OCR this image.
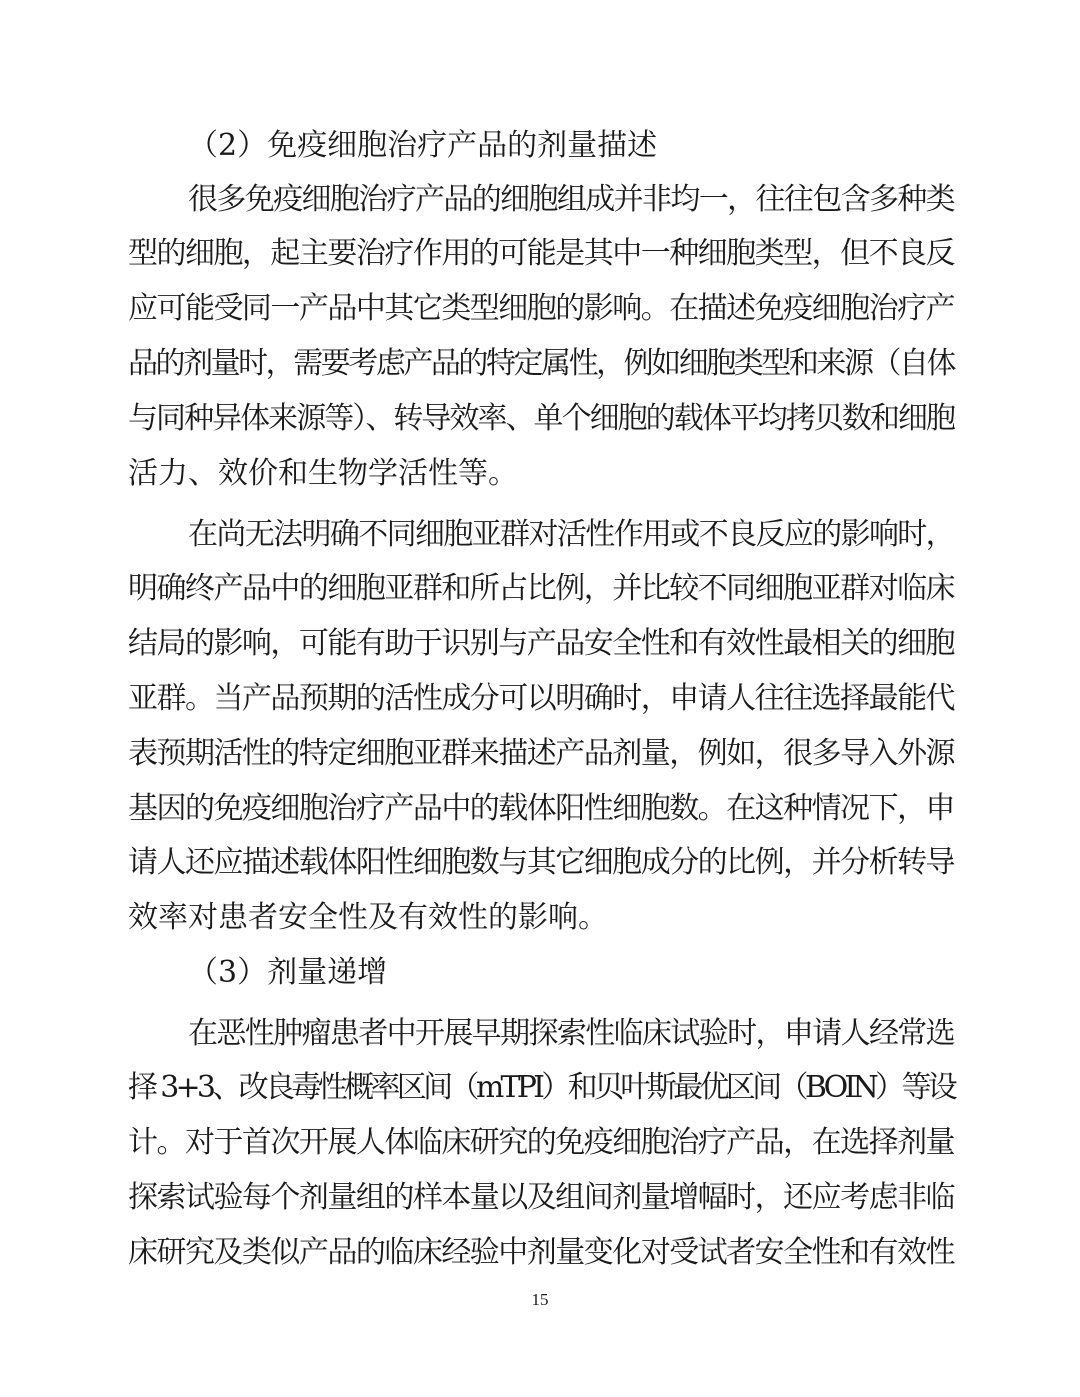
（2）免疫细胞治疗产品的剂量描述
很多免疫细胞治疗产品的细胞组成并非均一，往往包含多种类
型的细胞，起主要治疗作用的可能是其中一种细胞类型，但不良反
应可能受同一产品中其它类型细胞的影响。在描述免疫细胞治疗产
品的剂量时，需要考虑产品的特定属性，例如细胞类型和来源（自体
与同种异体来源等）、转导效率、单个细胞的载体平均拷贝数和细胞
活力、效价和生物学活性等。
在尚无法明确不同细胞亚群对活性作用或不良反应的影响时，
明确终产品中的细胞亚群和所占比例，并比较不同细胞亚群对临床
结局的影响，可能有助于识别与产品安全性和有效性最相关的细胞
亚群。当产品预期的活性成分可以明确时，申请人往往选择最能代
表预期活性的特定细胞亚群来描述产品剂量，例如，很多导入外源
基因的免疫细胞治疗产品中的载体阳性细胞数。在这种情况下，申
请人还应描述载体阳性细胞数与其它细胞成分的比例，并分析转导
效率对患者安全性及有效性的影响。
（3）剂量递增
在恶性肿瘤患者中开展早期探索性临床试验时，申请人经常选
择 3+3、改良毒性概率区间（mTPI）和贝叶斯最优区间（BOIN）等设
计。对于首次开展人体临床研究的免疫细胞治疗产品，在选择剂量
探索试验每个剂量组的样本量以及组间剂量增幅时，还应考虑非临
床研究及类似产品的临床经验中剂量变化对受试者安全性和有效性
15
